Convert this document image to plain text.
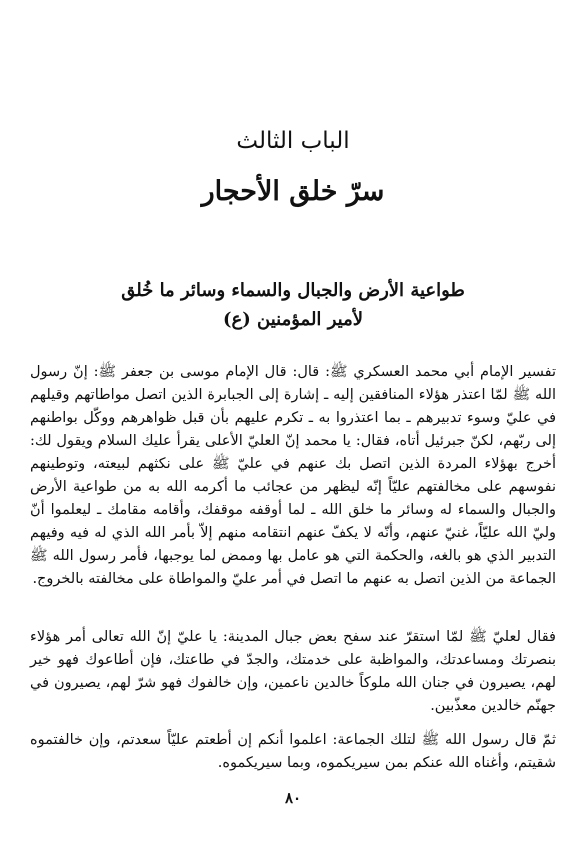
الباب الثالث
سرّ خلق الأحجار
طواعية الأرض والجبال والسماء وسائر ما خُلق
لأمير المؤمنين (ع)

تفسير الإمام أبي محمد العسكري ﷺ: قال: قال الإمام موسى بن جعفر ﷺ: إنّ رسول الله ﷺ لمّا اعتذر هؤلاء المنافقين إليه ـ إشارة إلى الجبابرة الذين اتصل مواطاتهم وقيلهم في عليّ وسوء تدبيرهم ـ بما اعتذروا به ـ تكرم عليهم بأن قبل ظواهرهم ووكّل بواطنهم إلى ربّهم، لكنّ جبرئيل أتاه، فقال: يا محمد إنّ العليّ الأعلى يقرأ عليك السلام ويقول لك: أخرج بهؤلاء المردة الذين اتصل بك عنهم في عليّ ﷺ على نكثهم لبيعته، وتوطينهم نفوسهم على مخالفتهم عليّاً إنّه ليظهر من عجائب ما أكرمه الله به من طواعية الأرض والجبال والسماء له وسائر ما خلق الله ـ لما أوقفه موقفك، وأقامه مقامك ـ ليعلموا أنّ وليّ الله عليّاً، غنيّ عنهم، وأنّه لا يكفّ عنهم انتقامه منهم إلاّ بأمر الله الذي له فيه وفيهم التدبير الذي هو بالغه، والحكمة التي هو عامل بها وممض لما يوجبها، فأمر رسول الله ﷺ الجماعة من الذين اتصل به عنهم ما اتصل في أمر عليّ والمواطاة على مخالفته بالخروج.

فقال لعليّ ﷺ لمّا استقرّ عند سفح بعض جبال المدينة: يا عليّ إنّ الله تعالى أمر هؤلاء بنصرتك ومساعدتك، والمواظبة على خدمتك، والجدّ في طاعتك، فإن أطاعوك فهو خير لهم، يصيرون في جنان الله ملوكاً خالدين ناعمين، وإن خالفوك فهو شرّ لهم، يصيرون في جهنّم خالدين معذّبين.

ثمّ قال رسول الله ﷺ لتلك الجماعة: اعلموا أنكم إن أطعتم عليّاً سعدتم، وإن خالفتموه شقيتم، وأغناه الله عنكم بمن سيريكموه، وبما سيريكموه.

٨٠
